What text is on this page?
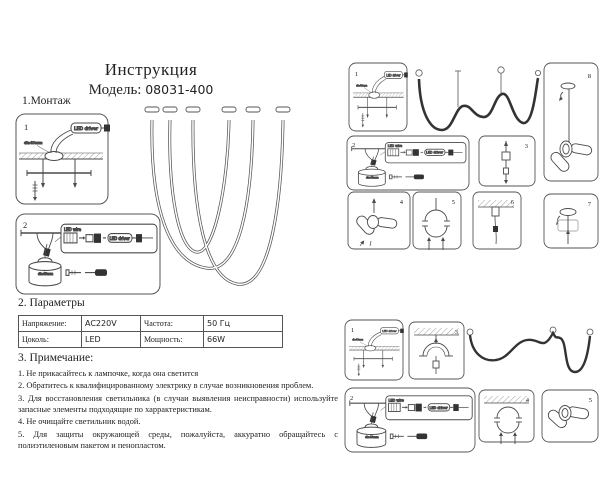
LED driver
dia45mm
LED wire
LED driver
dia45mm
1
2
1	8
2	3
4	5	7
1
2	5
Инструкция
Модель: 08031-400
1.Монтаж
2. Параметры
Напряжение:	AC220V	Частота:	50 Гц
Цоколь:	LED	Мощность:	66W
3. Примечание:

1. Не прикасайтесь к лампочке, когда она светится

2. Обратитесь к квалифицированному электрику в случае возникновения проблем.

3. Для восстановления светильника (в случаи выявления неисправности) используйте запасные элементы подходящие по харрактеристикам.

4. Не очищайте светильник водой.

5. Для защиты окружающей среды, пожалуйста, аккуратно обращайтесь с полиэтиленовым пакетом и пенопластом.
